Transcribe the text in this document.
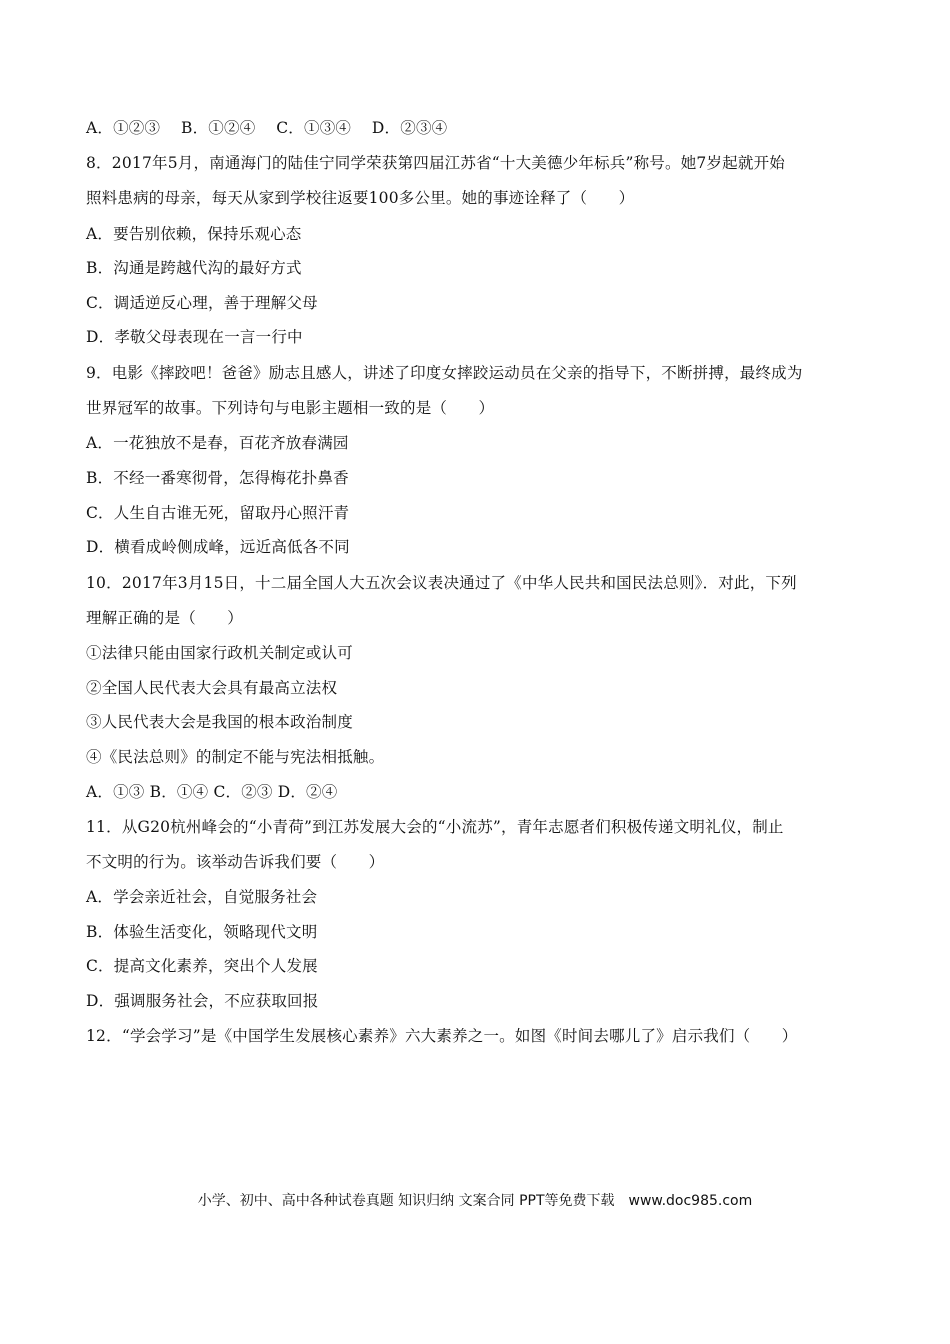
A．①②③　 B．①②④　 C．①③④　 D．②③④
8．2017年5月，南通海门的陆佳宁同学荣获第四届江苏省“十大美德少年标兵”称号。她7岁起就开始
照料患病的母亲，每天从家到学校往返要100多公里。她的事迹诠释了（　　）
A．要告别依赖，保持乐观心态
B．沟通是跨越代沟的最好方式
C．调适逆反心理，善于理解父母
D．孝敬父母表现在一言一行中
9．电影《摔跤吧！爸爸》励志且感人，讲述了印度女摔跤运动员在父亲的指导下，不断拼搏，最终成为
世界冠军的故事。下列诗句与电影主题相一致的是（　　）
A．一花独放不是春，百花齐放春满园
B．不经一番寒彻骨，怎得梅花扑鼻香
C．人生自古谁无死，留取丹心照汗青
D．横看成岭侧成峰，远近高低各不同
10．2017年3月15日，十二届全国人大五次会议表决通过了《中华人民共和国民法总则》．对此，下列
理解正确的是（　　）
①法律只能由国家行政机关制定或认可
②全国人民代表大会具有最高立法权
③人民代表大会是我国的根本政治制度
④《民法总则》的制定不能与宪法相抵触。
A．①③ B．①④ C．②③ D．②④
11．从G20杭州峰会的“小青荷”到江苏发展大会的“小流苏”，青年志愿者们积极传递文明礼仪，制止
不文明的行为。该举动告诉我们要（　　）
A．学会亲近社会，自觉服务社会
B．体验生活变化，领略现代文明
C．提高文化素养，突出个人发展
D．强调服务社会，不应获取回报
12．“学会学习”是《中国学生发展核心素养》六大素养之一。如图《时间去哪儿了》启示我们（　　）
小学、初中、高中各种试卷真题 知识归纳 文案合同 PPT等免费下载　www.doc985.com
